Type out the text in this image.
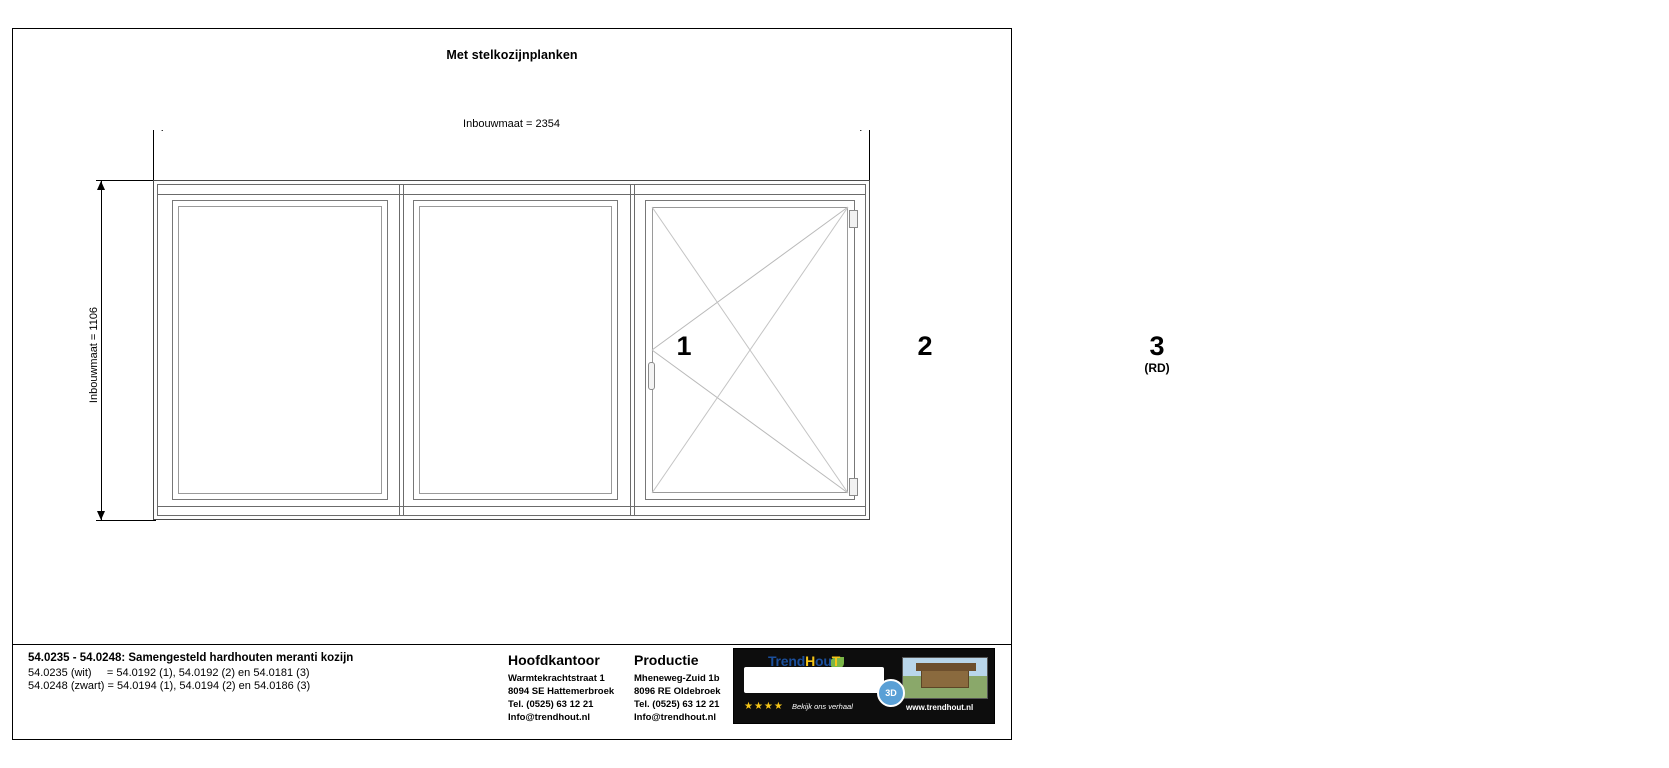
Met stelkozijnplanken
Inbouwmaat = 2354
Inbouwmaat = 1106	1	2	3
(RD)
54.0235 - 54.0248: Samengesteld hardhouten meranti kozijn
54.0235 (wit)     = 54.0192 (1), 54.0192 (2) en 54.0181 (3)
54.0248 (zwart) = 54.0194 (1), 54.0194 (2) en 54.0186 (3)
Hoofdkantoor
Warmtekrachtstraat 1
8094 SE Hattemerbroek
Tel. (0525) 63 12 21
Info@trendhout.nl
Productie
Mheneweg-Zuid 1b
8096 RE Oldebroek
Tel. (0525) 63 12 21
Info@trendhout.nl
TrendHouT
★★★★ Bekijk ons verhaal
3D
www.trendhout.nl
